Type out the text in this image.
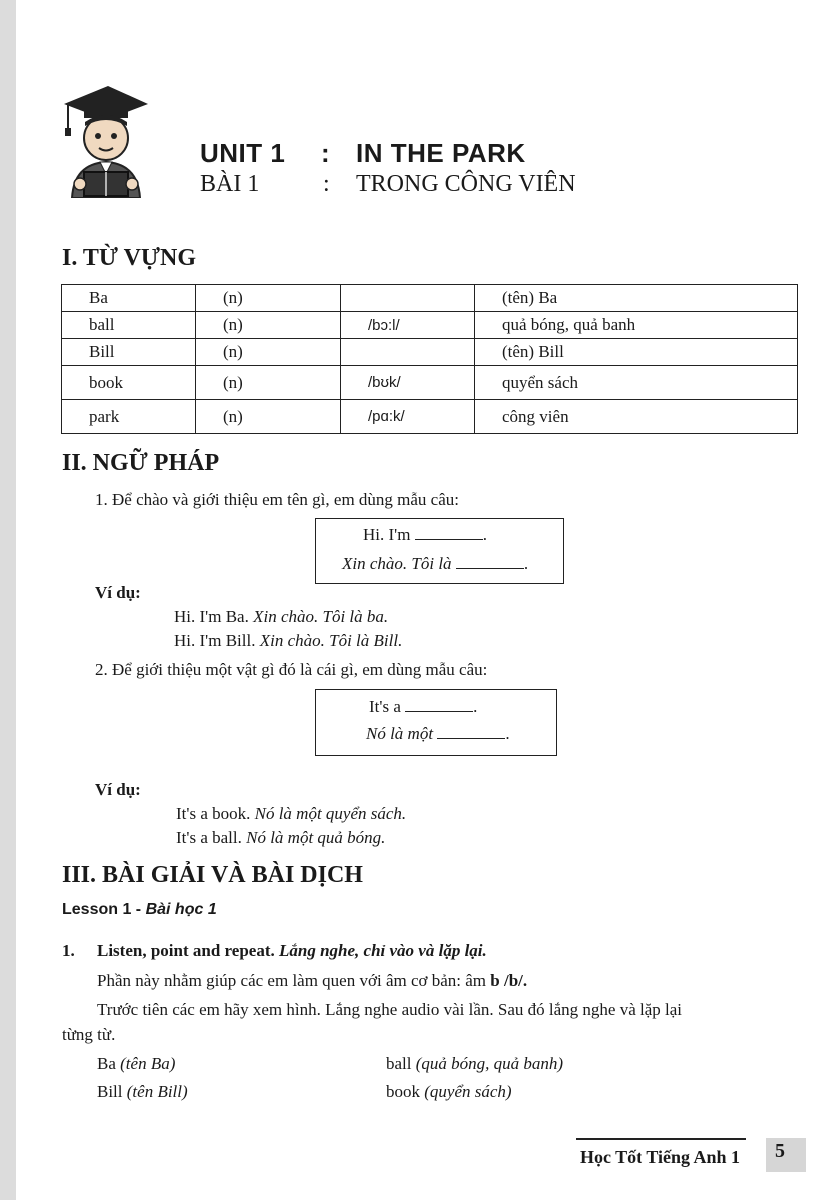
UNIT 1 : IN THE PARK
BÀI 1	: TRONG CÔNG VIÊN
I. TỪ VỰNG
Ba	(n)		(tên) Ba
ball	(n)	/bɔ:l/	quả bóng, quả banh
Bill	(n)		(tên) Bill
book	(n)	/bʊk/	quyển sách
park	(n)	/pɑ:k/	công viên
II. NGỮ PHÁP
1. Để chào và giới thiệu em tên gì, em dùng mẫu câu:
Hi. I'm	.
Xin chào. Tôi là	.
Ví dụ:
Hi. I'm Ba. Xin chào. Tôi là ba.
Hi. I'm Bill. Xin chào. Tôi là Bill.
2. Để giới thiệu một vật gì đó là cái gì, em dùng mẫu câu:
It's a	.
Nó là một	.
Ví dụ:
It's a book. Nó là một quyển sách.
It's a ball. Nó là một quả bóng.
III. BÀI GIẢI VÀ BÀI DỊCH
Lesson 1 - Bài học 1
1. Listen, point and repeat. Lắng nghe, chỉ vào và lặp lại.
Phần này nhằm giúp các em làm quen với âm cơ bản: âm b /b/.
Trước tiên các em hãy xem hình. Lắng nghe audio vài lần. Sau đó lắng nghe và lặp lại
từng từ.
Ba (tên Ba)	ball (quả bóng, quả banh)
Bill (tên Bill)	book (quyển sách)
Học Tốt Tiếng Anh 1 5
